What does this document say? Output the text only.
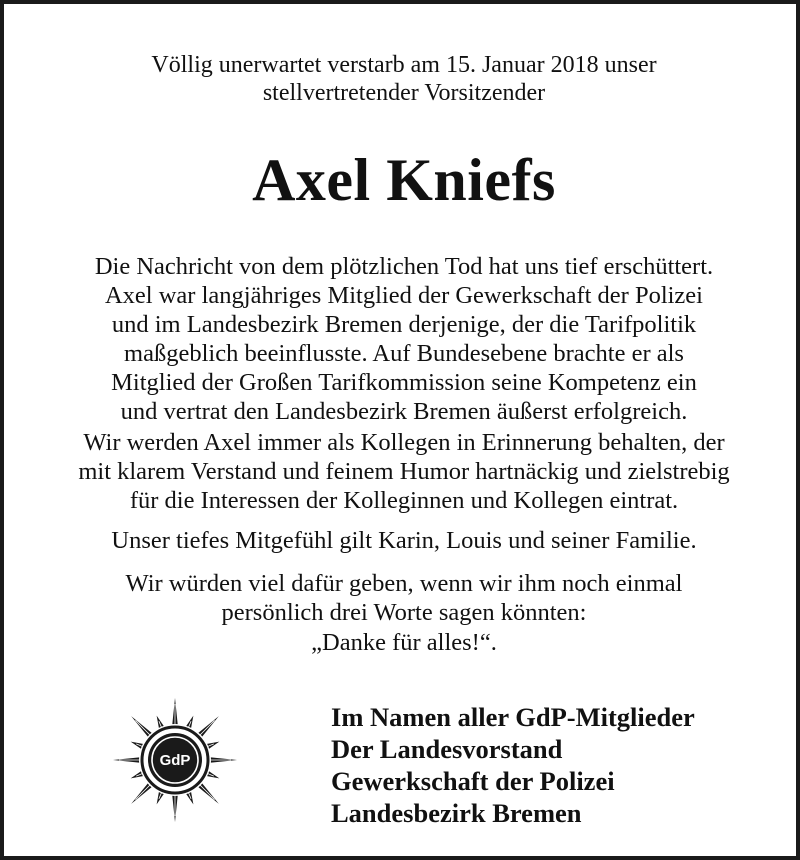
Völlig unerwartet verstarb am 15. Januar 2018 unser
stellvertretender Vorsitzender
Axel Kniefs
Die Nachricht von dem plötzlichen Tod hat uns tief erschüttert.
Axel war langjähriges Mitglied der Gewerkschaft der Polizei
und im Landesbezirk Bremen derjenige, der die Tarifpolitik
maßgeblich beeinflusste. Auf Bundesebene brachte er als
Mitglied der Großen Tarifkommission seine Kompetenz ein
und vertrat den Landesbezirk Bremen äußerst erfolgreich.
Wir werden Axel immer als Kollegen in Erinnerung behalten, der
mit klarem Verstand und feinem Humor hartnäckig und zielstrebig
für die Interessen der Kolleginnen und Kollegen eintrat.
Unser tiefes Mitgefühl gilt Karin, Louis und seiner Familie.
Wir würden viel dafür geben, wenn wir ihm noch einmal
persönlich drei Worte sagen könnten:
„Danke für alles!“.
GdP
Im Namen aller GdP-Mitglieder
Der Landesvorstand
Gewerkschaft der Polizei
Landesbezirk Bremen
